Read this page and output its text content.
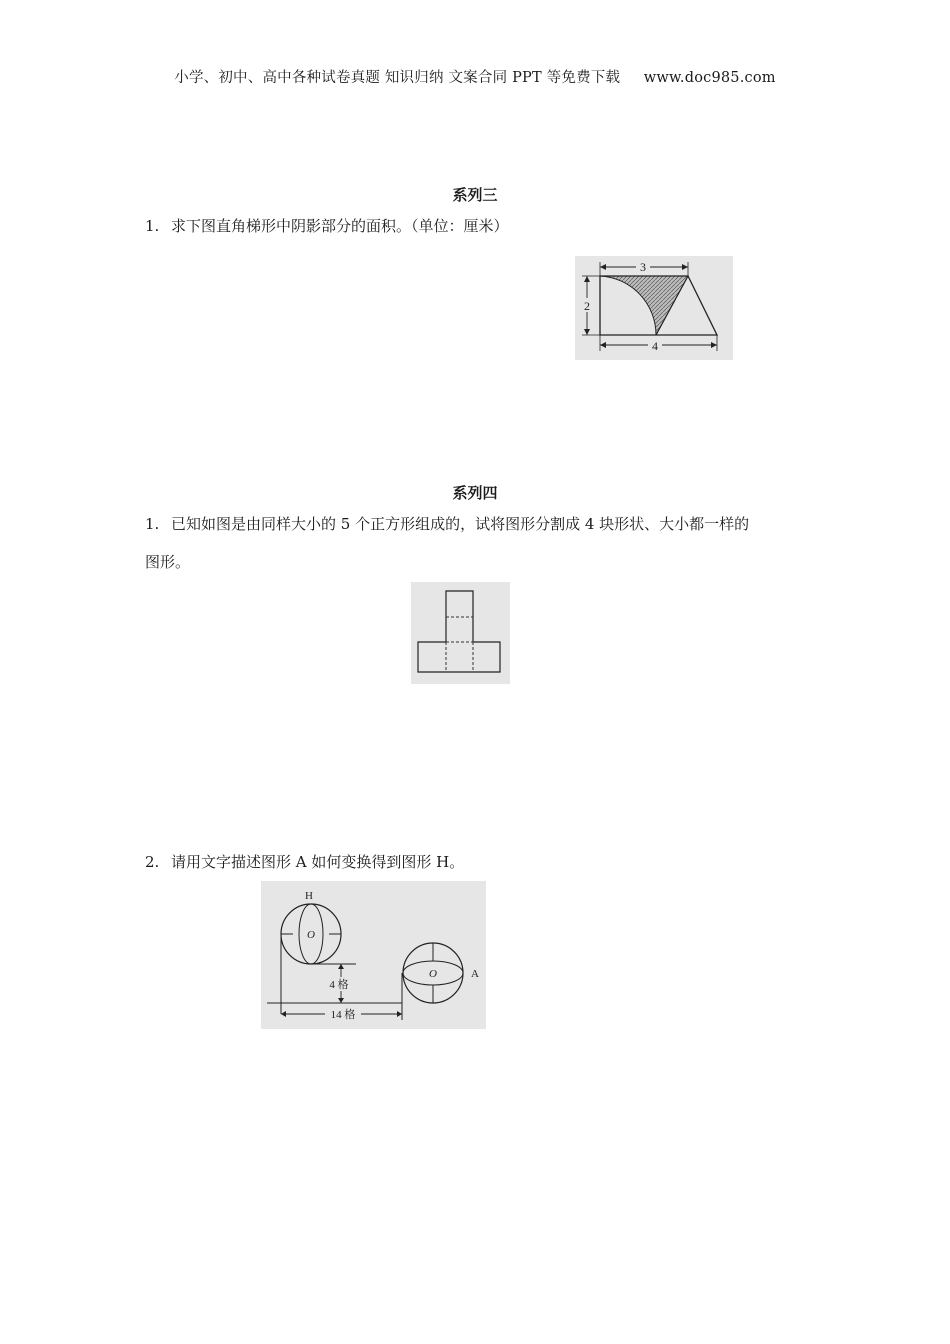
小学、初中、高中各种试卷真题 知识归纳 文案合同 PPT 等免费下载 www.doc985.com
系列三
1. 求下图直角梯形中阴影部分的面积。（单位：厘米）
3
2
4
系列四
1. 已知如图是由同样大小的 5 个正方形组成的，试将图形分割成 4 块形状、大小都一样的
图形。
2. 请用文字描述图形 A 如何变换得到图形 H。
H
O
4 格
O	A
14 格
